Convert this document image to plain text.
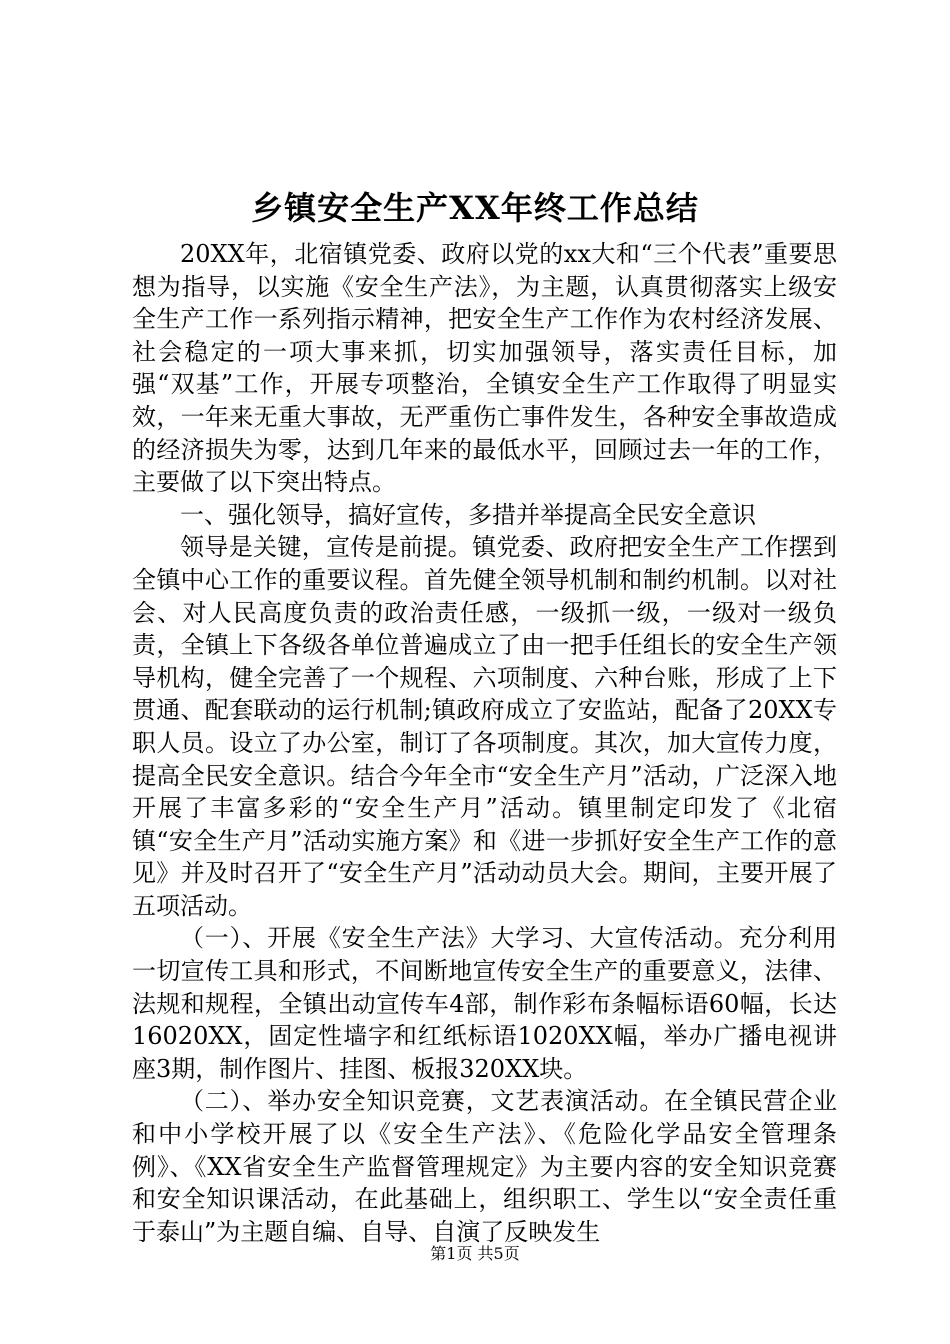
乡镇安全生产XX年终工作总结

20XX年，北宿镇党委、政府以党的xx大和“三个代表”重要思想为指导，以实施《安全生产法》，为主题，认真贯彻落实上级安全生产工作一系列指示精神，把安全生产工作作为农村经济发展、社会稳定的一项大事来抓，切实加强领导，落实责任目标，加强“双基”工作，开展专项整治，全镇安全生产工作取得了明显实效，一年来无重大事故，无严重伤亡事件发生，各种安全事故造成的经济损失为零，达到几年来的最低水平，回顾过去一年的工作，主要做了以下突出特点。

一、强化领导，搞好宣传，多措并举提高全民安全意识

领导是关键，宣传是前提。镇党委、政府把安全生产工作摆到全镇中心工作的重要议程。首先健全领导机制和制约机制。以对社会、对人民高度负责的政治责任感，一级抓一级，一级对一级负责，全镇上下各级各单位普遍成立了由一把手任组长的安全生产领导机构，健全完善了一个规程、六项制度、六种台账，形成了上下贯通、配套联动的运行机制;镇政府成立了安监站，配备了20XX专职人员。设立了办公室，制订了各项制度。其次，加大宣传力度，提高全民安全意识。结合今年全市“安全生产月”活动，广泛深入地开展了丰富多彩的“安全生产月”活动。镇里制定印发了《北宿镇“安全生产月”活动实施方案》和《进一步抓好安全生产工作的意见》并及时召开了“安全生产月”活动动员大会。期间，主要开展了五项活动。

（一）、开展《安全生产法》大学习、大宣传活动。充分利用一切宣传工具和形式，不间断地宣传安全生产的重要意义，法律、法规和规程，全镇出动宣传车4部，制作彩布条幅标语60幅，长达16020XX，固定性墙字和红纸标语1020XX幅，举办广播电视讲座3期，制作图片、挂图、板报320XX块。

（二）、举办安全知识竞赛，文艺表演活动。在全镇民营企业和中小学校开展了以《安全生产法》、《危险化学品安全管理条例》、《XX省安全生产监督管理规定》为主要内容的安全知识竞赛和安全知识课活动，在此基础上，组织职工、学生以“安全责任重于泰山”为主题自编、自导、自演了反映发生

第1页 共5页
